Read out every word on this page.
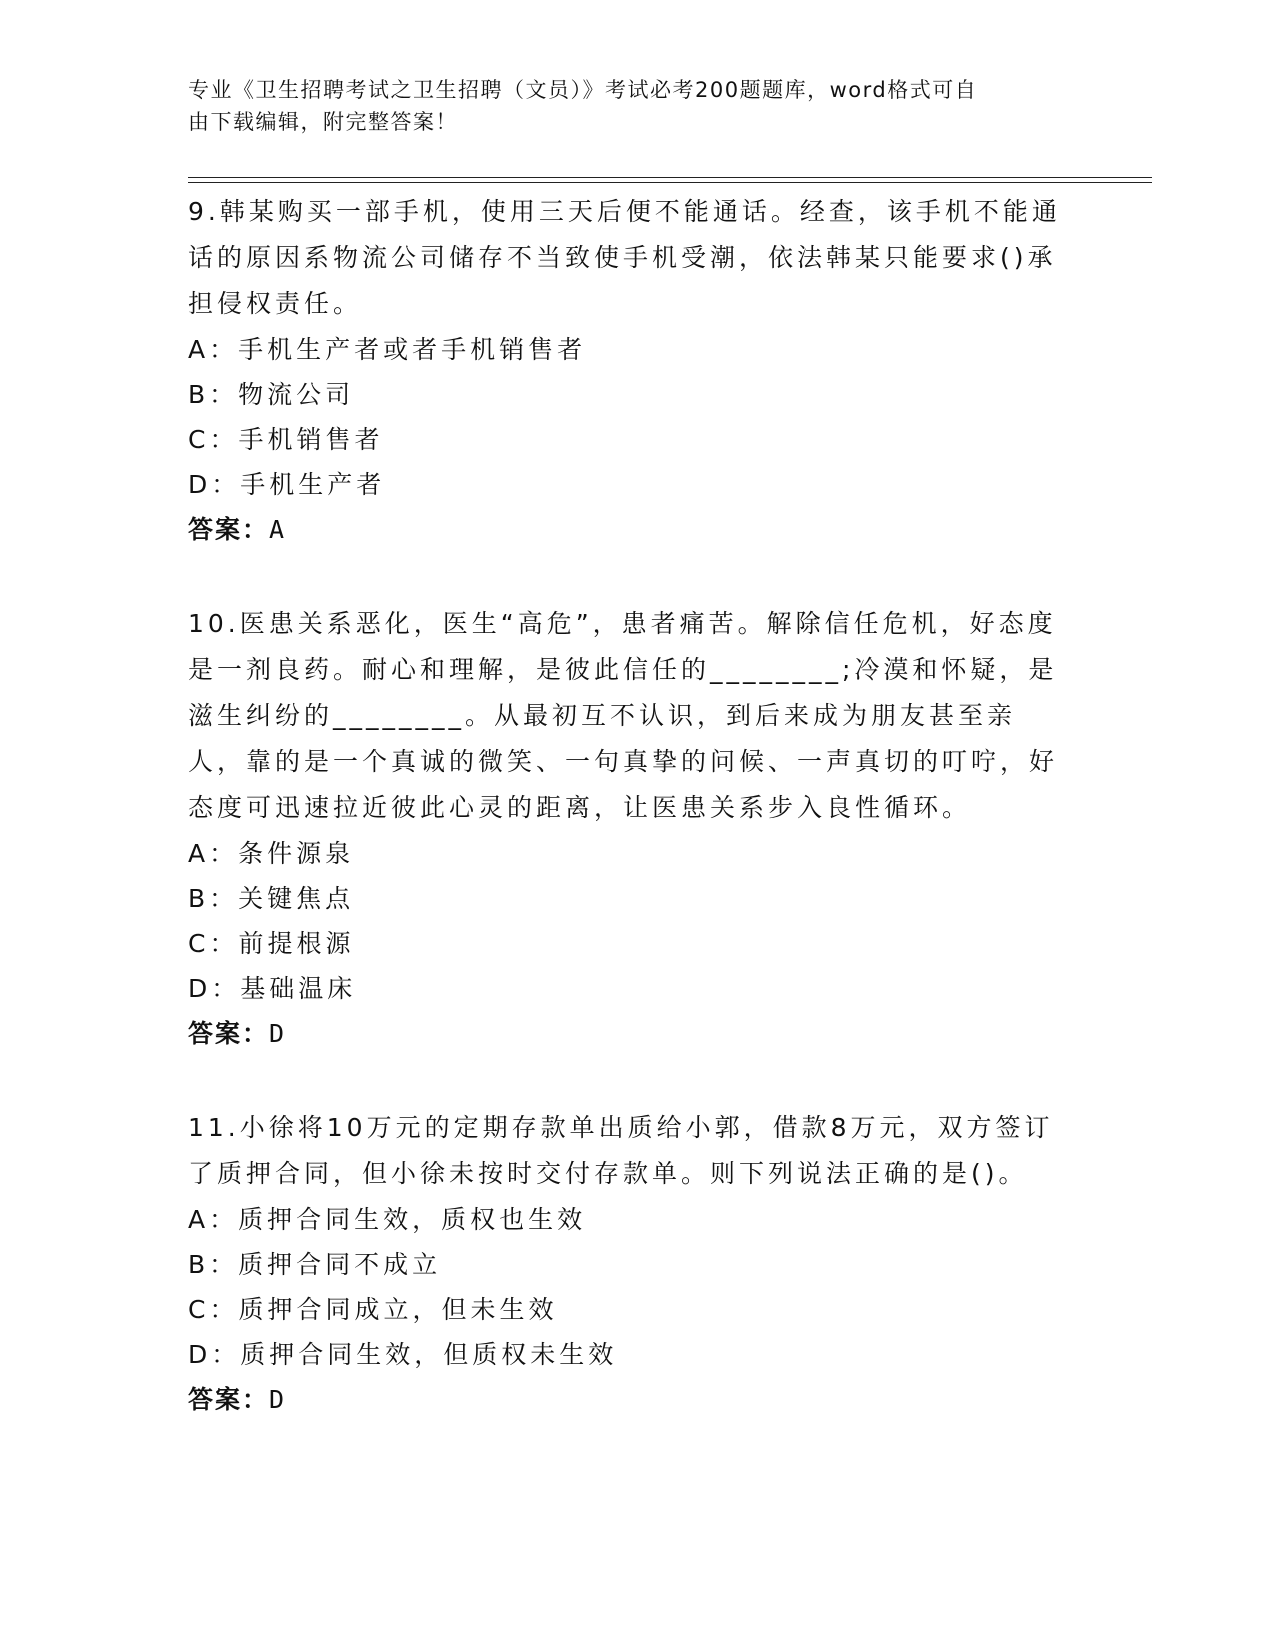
专业《卫生招聘考试之卫生招聘（文员）》考试必考200题题库，word格式可自
由下载编辑，附完整答案！

9.韩某购买一部手机，使用三天后便不能通话。经查，该手机不能通话的原因系物流公司储存不当致使手机受潮，依法韩某只能要求()承担侵权责任。

A：手机生产者或者手机销售者

B：物流公司

C：手机销售者

D：手机生产者

答案：A

10.医患关系恶化，医生“高危”，患者痛苦。解除信任危机，好态度是一剂良药。耐心和理解，是彼此信任的________;冷漠和怀疑，是滋生纠纷的________。从最初互不认识，到后来成为朋友甚至亲人，靠的是一个真诚的微笑、一句真挚的问候、一声真切的叮咛，好态度可迅速拉近彼此心灵的距离，让医患关系步入良性循环。

A：条件源泉

B：关键焦点

C：前提根源

D：基础温床

答案：D

11.小徐将10万元的定期存款单出质给小郭，借款8万元，双方签订了质押合同，但小徐未按时交付存款单。则下列说法正确的是()。

A：质押合同生效，质权也生效

B：质押合同不成立

C：质押合同成立，但未生效

D：质押合同生效，但质权未生效

答案：D
